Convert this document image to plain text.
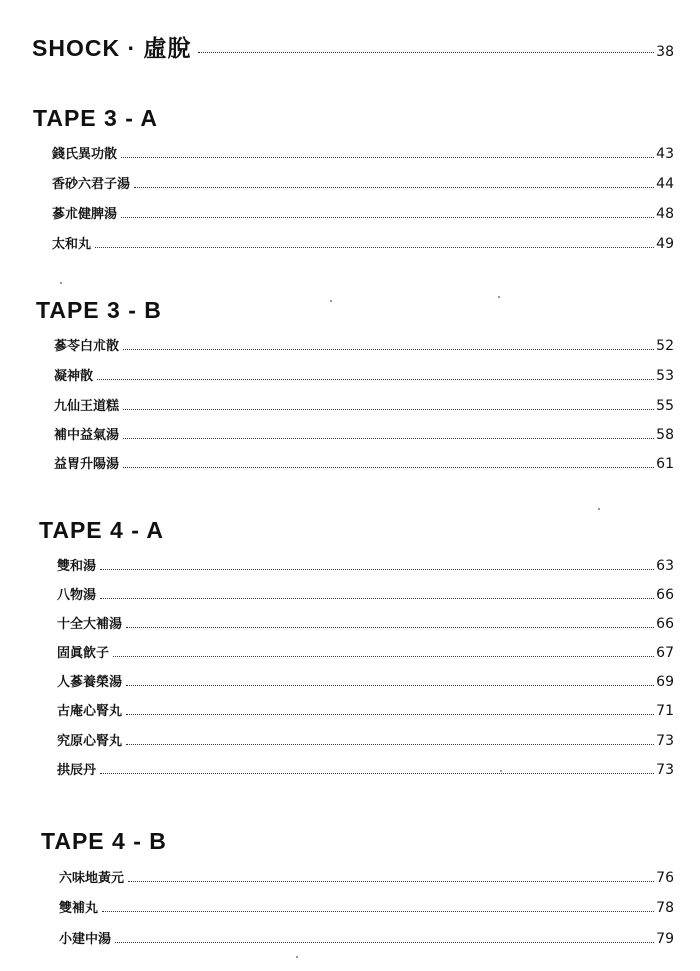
SHOCK · 虛脫	38
TAPE 3 - A
錢氏異功散	43
香砂六君子湯	44
蔘朮健脾湯	48
太和丸	49
TAPE 3 - B
蔘苓白朮散	52
凝神散	53
九仙王道糕	55
補中益氣湯	58
益胃升陽湯	61
TAPE 4 - A
雙和湯	63
八物湯	66
十全大補湯	66
固眞飮子	67
人蔘養榮湯	69
古庵心腎丸	71
究原心腎丸	73
拱辰丹	73
TAPE 4 - B
六味地黃元	76
雙補丸	78
小建中湯	79
